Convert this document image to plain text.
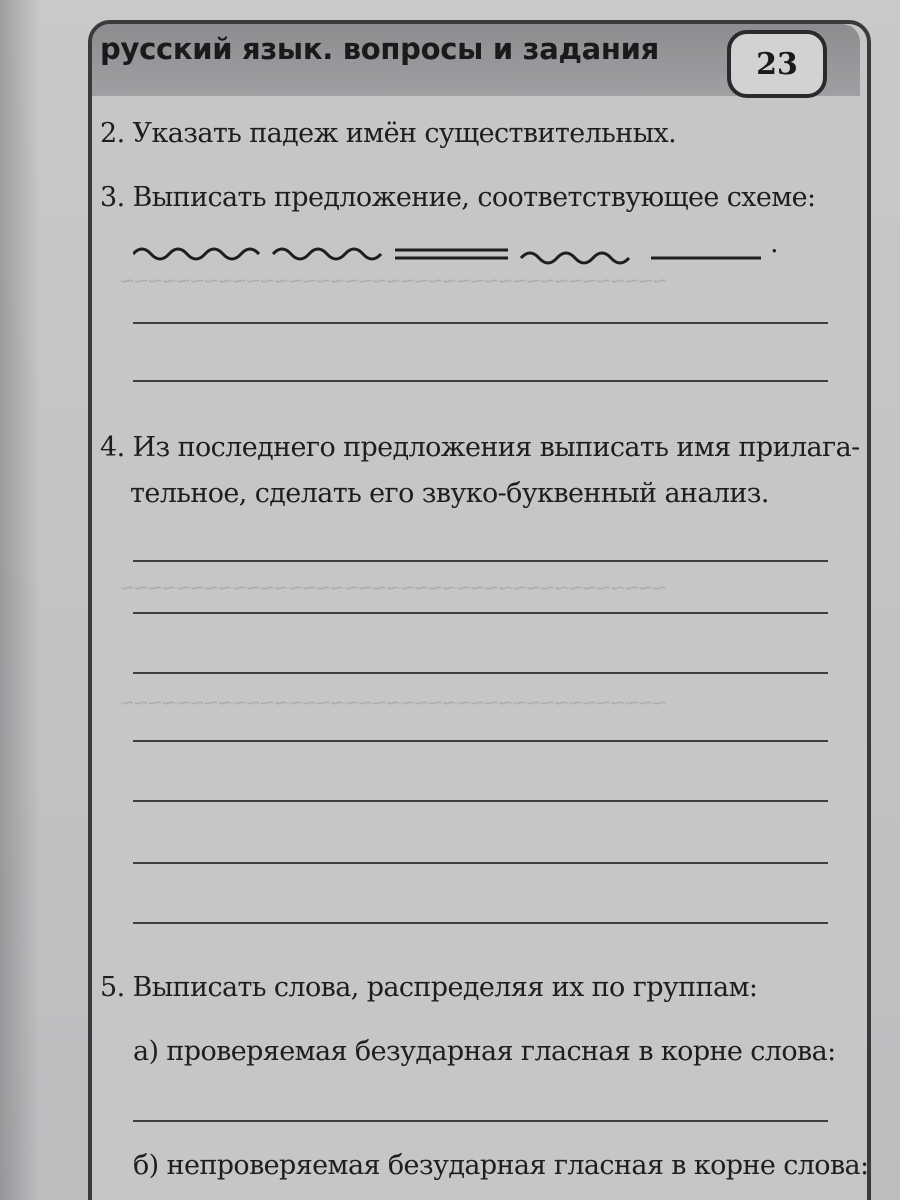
русский язык. вопросы и задания	23
2. Указать падеж имён существительных.
3. Выписать предложение, соответствующее схеме:
.
4. Из последнего предложения выписать имя прилага-
тельное, сделать его звуко-буквенный анализ.
5. Выписать слова, распределяя их по группам:
а) проверяемая безударная гласная в корне слова:
б) непроверяемая безударная гласная в корне слова:
